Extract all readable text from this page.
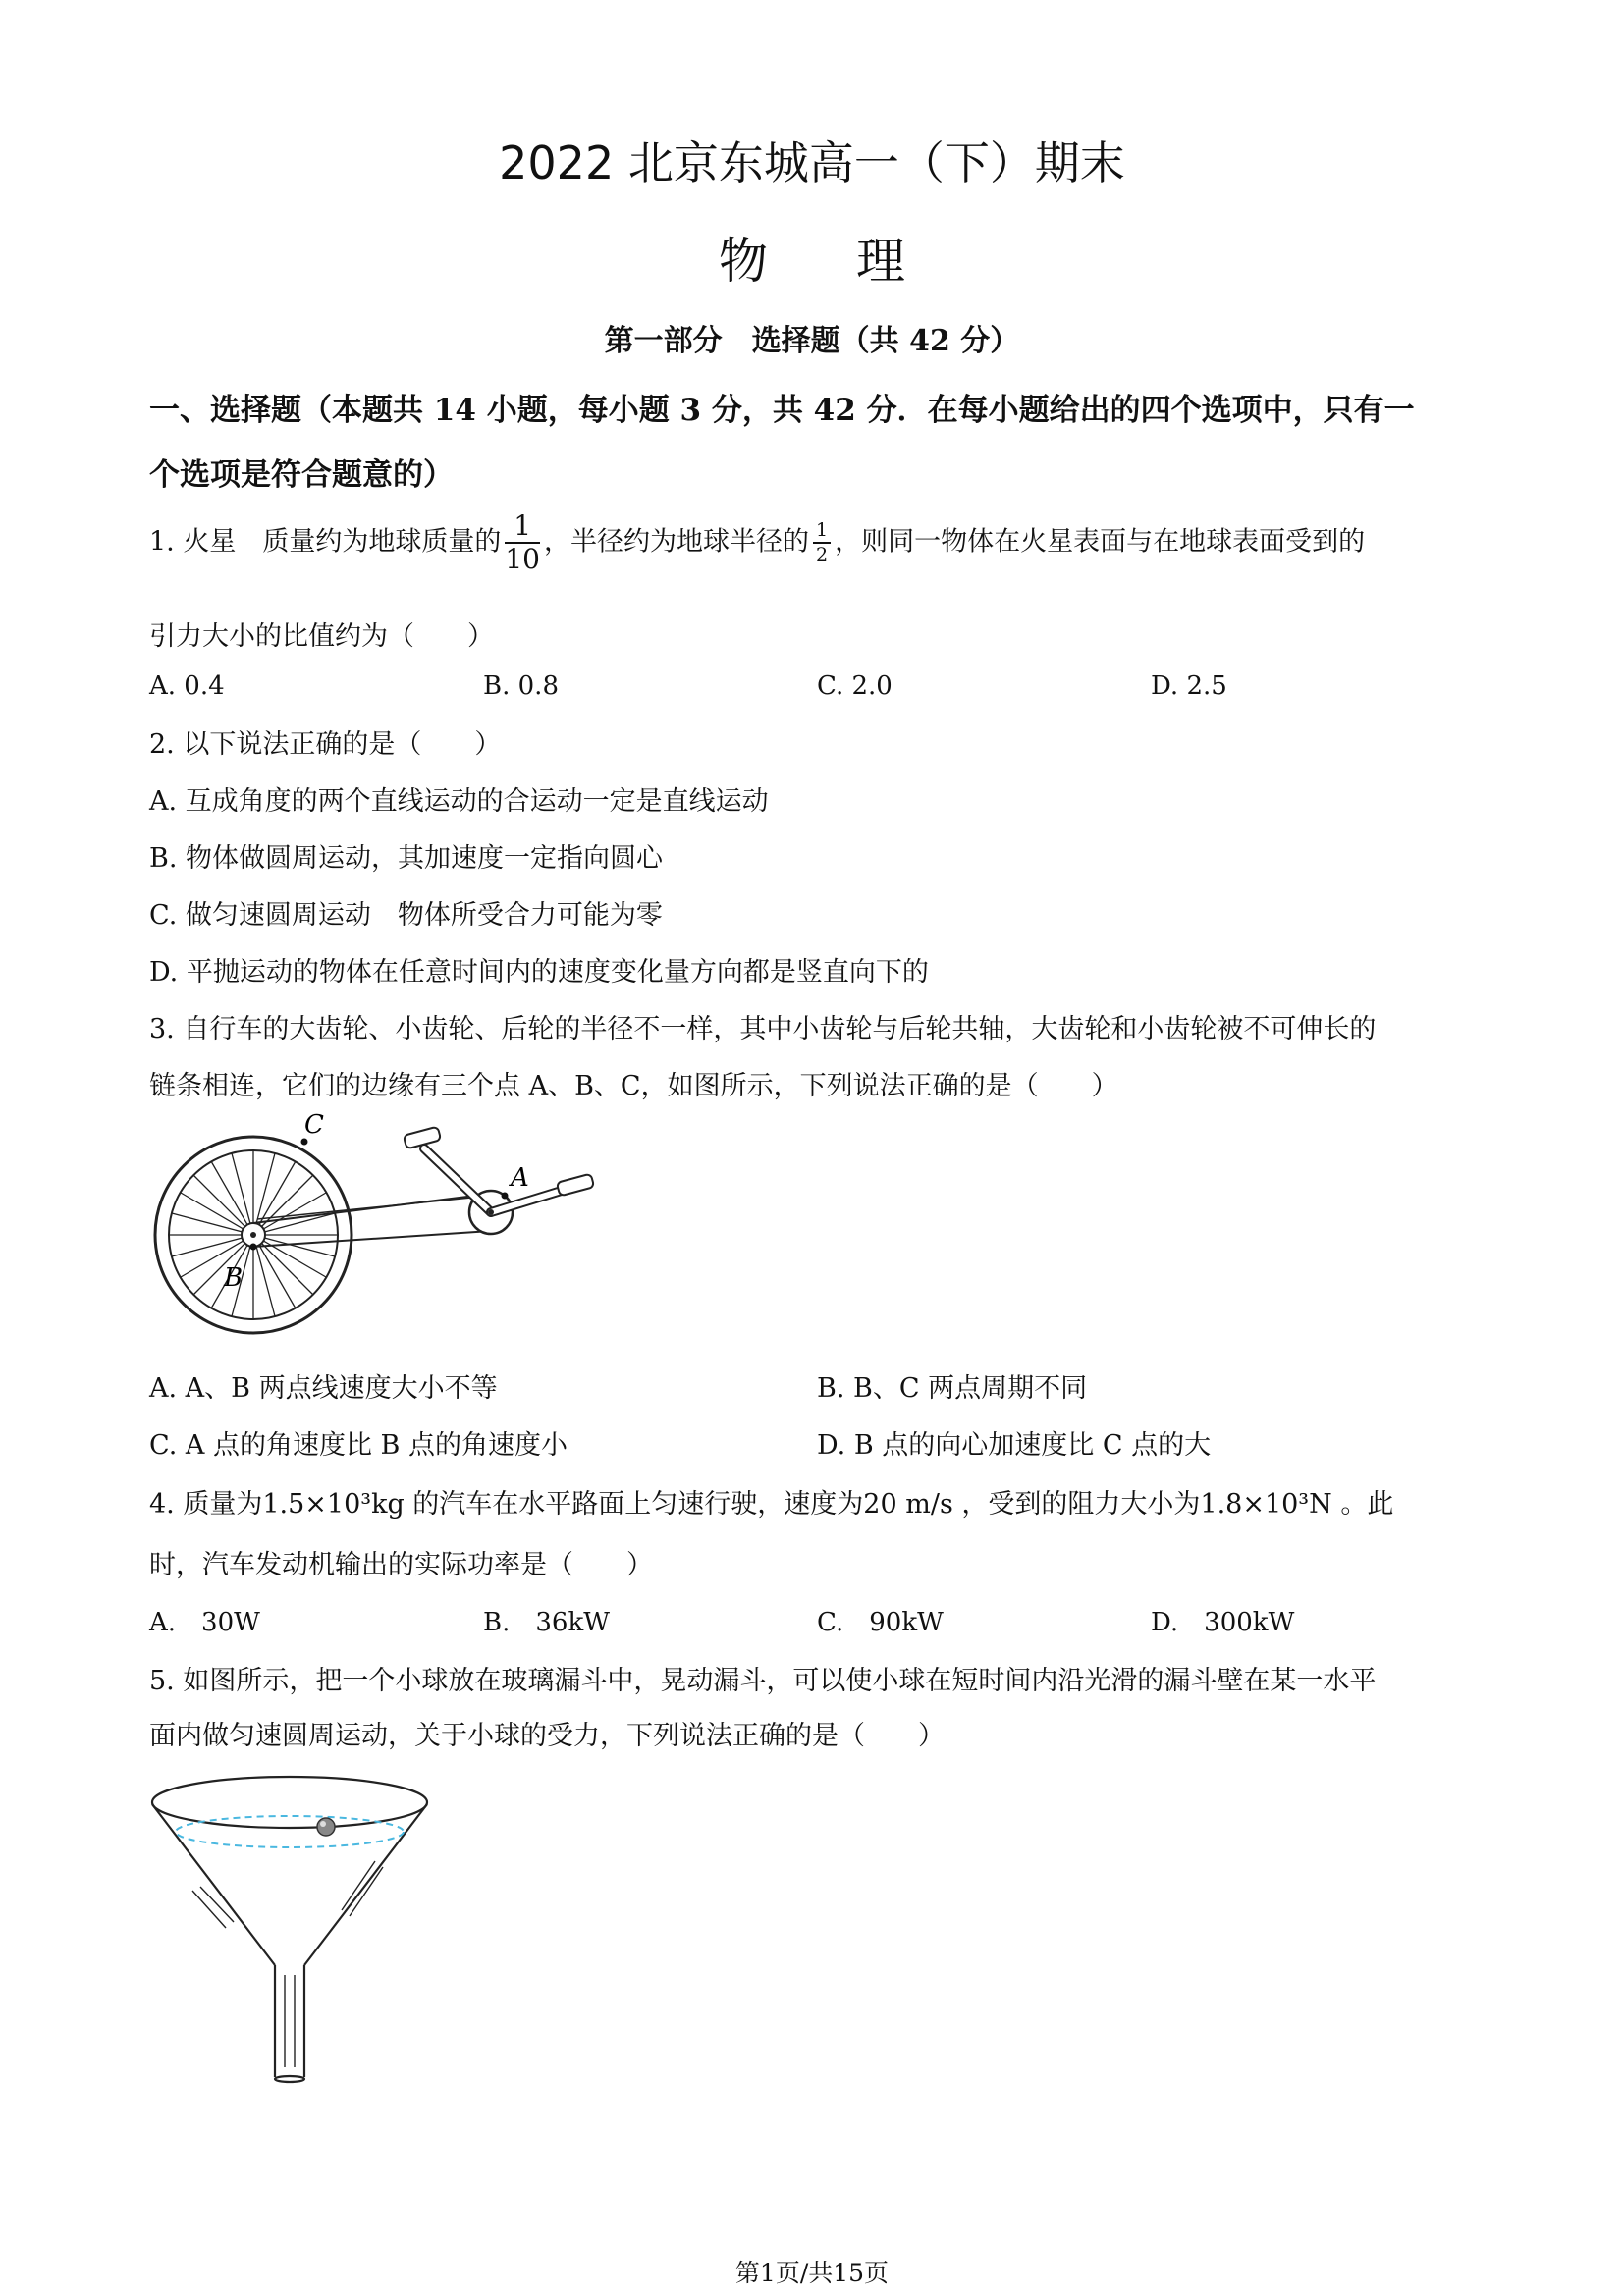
2022 北京东城高一（下）期末
物理
第一部分　选择题（共 42 分）
一、选择题（本题共 14 小题，每小题 3 分，共 42 分．在每小题给出的四个选项中，只有一
个选项是符合题意的）
1. 火星　质量约为地球质量的 $\frac{1}{10}$ ，半径约为地球半径的 $\frac{1}{2}$ ，则同一物体在火星表面与在地球表面受到的
引力大小的比值约为（　　）
A. 0.4	B. 0.8	C. 2.0	D. 2.5
2. 以下说法正确的是（　　）
A. 互成角度的两个直线运动的合运动一定是直线运动
B. 物体做圆周运动，其加速度一定指向圆心
C. 做匀速圆周运动　物体所受合力可能为零
D. 平抛运动的物体在任意时间内的速度变化量方向都是竖直向下的
3. 自行车的大齿轮、小齿轮、后轮的半径不一样，其中小齿轮与后轮共轴，大齿轮和小齿轮被不可伸长的
链条相连，它们的边缘有三个点 A、B、C，如图所示，下列说法正确的是（　　）
A
C
B
A. A、B 两点线速度大小不等	B. B、C 两点周期不同
C. A 点的角速度比 B 点的角速度小	D. B 点的向心加速度比 C 点的大
4. 质量为1.5×10³kg 的汽车在水平路面上匀速行驶，速度为20 m/s ，受到的阻力大小为1.8×10³N 。此
时，汽车发动机输出的实际功率是（　　）
A.　30W	B.　36kW	C.　90kW	D.　300kW
5. 如图所示，把一个小球放在玻璃漏斗中，晃动漏斗，可以使小球在短时间内沿光滑的漏斗壁在某一水平
面内做匀速圆周运动，关于小球的受力，下列说法正确的是（　　）
第1页/共15页
